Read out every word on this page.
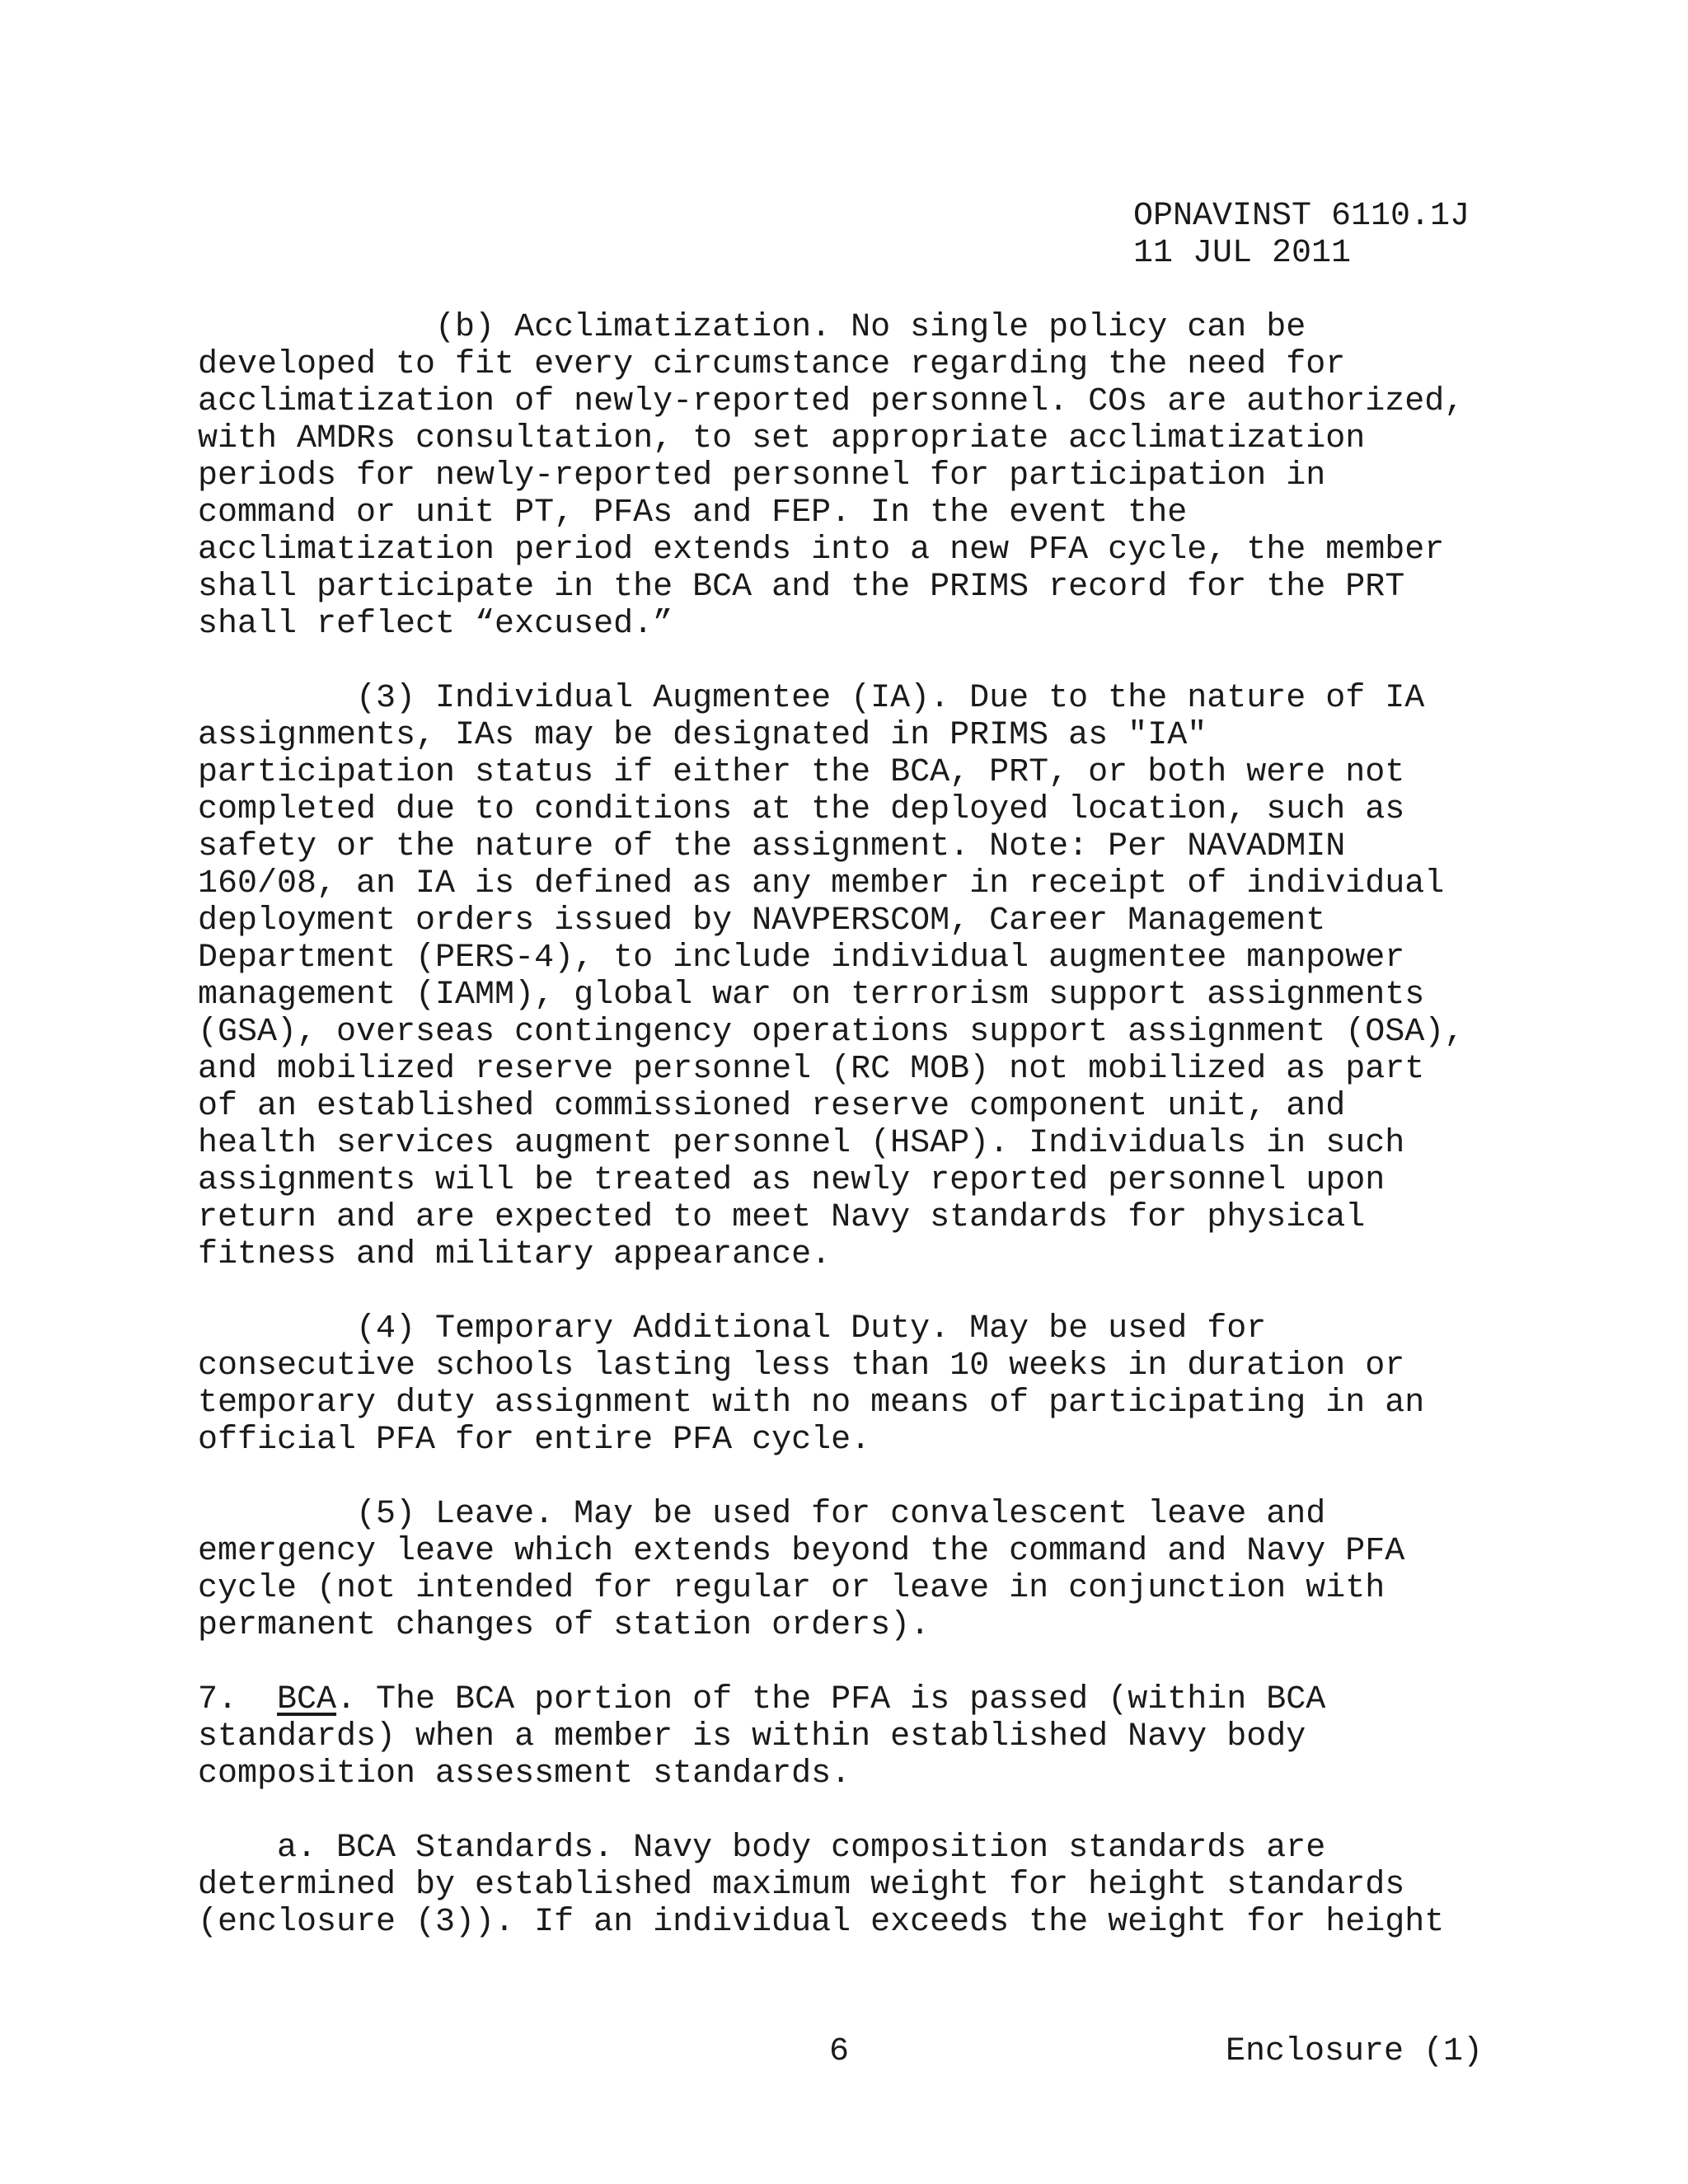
OPNAVINST 6110.1J
11 JUL 2011

(b) Acclimatization. No single policy can be developed to fit every circumstance regarding the need for acclimatization of newly-reported personnel. COs are authorized, with AMDRs consultation, to set appropriate acclimatization periods for newly-reported personnel for participation in command or unit PT, PFAs and FEP. In the event the acclimatization period extends into a new PFA cycle, the member shall participate in the BCA and the PRIMS record for the PRT shall reflect “excused.”

(3) Individual Augmentee (IA). Due to the nature of IA assignments, IAs may be designated in PRIMS as "IA" participation status if either the BCA, PRT, or both were not completed due to conditions at the deployed location, such as safety or the nature of the assignment. Note: Per NAVADMIN 160/08, an IA is defined as any member in receipt of individual deployment orders issued by NAVPERSCOM, Career Management Department (PERS-4), to include individual augmentee manpower management (IAMM), global war on terrorism support assignments (GSA), overseas contingency operations support assignment (OSA), and mobilized reserve personnel (RC MOB) not mobilized as part of an established commissioned reserve component unit, and health services augment personnel (HSAP). Individuals in such assignments will be treated as newly reported personnel upon return and are expected to meet Navy standards for physical fitness and military appearance.

(4) Temporary Additional Duty. May be used for consecutive schools lasting less than 10 weeks in duration or temporary duty assignment with no means of participating in an official PFA for entire PFA cycle.

(5) Leave. May be used for convalescent leave and emergency leave which extends beyond the command and Navy PFA cycle (not intended for regular or leave in conjunction with permanent changes of station orders).

7.  BCA. The BCA portion of the PFA is passed (within BCA standards) when a member is within established Navy body composition assessment standards.

a. BCA Standards. Navy body composition standards are determined by established maximum weight for height standards (enclosure (3)). If an individual exceeds the weight for height

6	Enclosure (1)
